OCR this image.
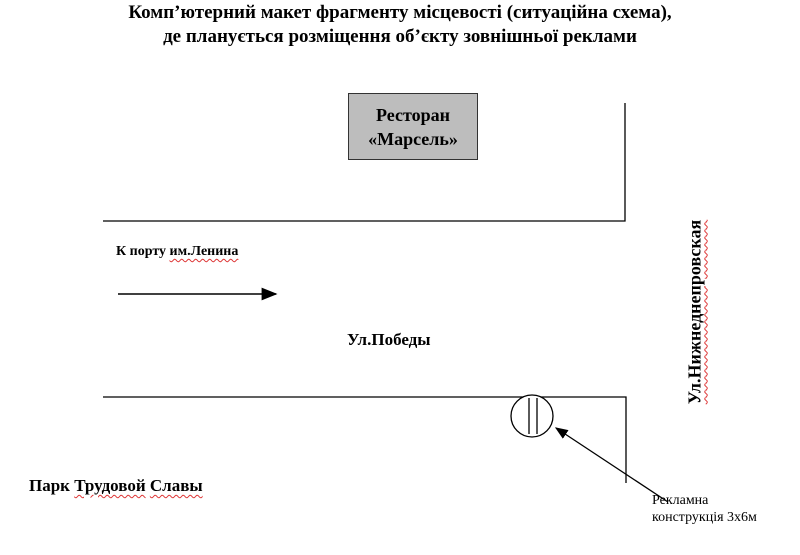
Комп’ютерний макет фрагменту місцевості (ситуаційна схема),
де планується розміщення об’єкту зовнішньої реклами
Ресторан
«Марсель»
К порту им.Ленина
Ул.Победы	Ул.Нижнеднепровская
Парк Трудовой Славы
Рекламна
конструкція 3х6м
